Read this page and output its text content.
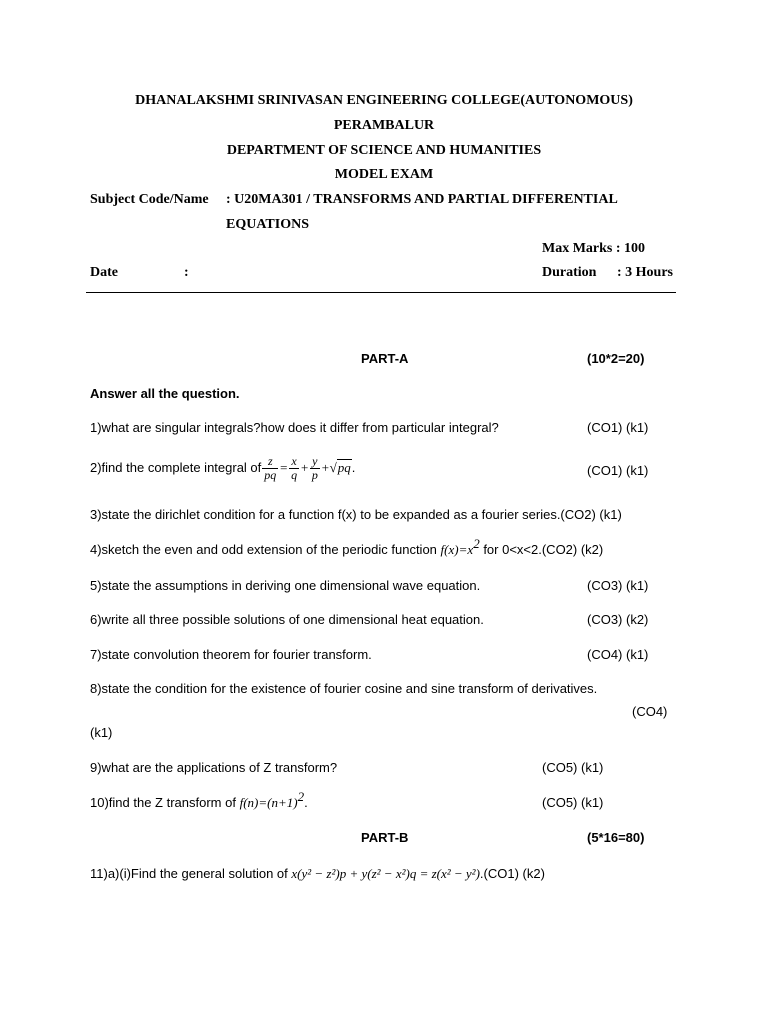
DHANALAKSHMI SRINIVASAN ENGINEERING COLLEGE(AUTONOMOUS)
PERAMBALUR
DEPARTMENT OF SCIENCE AND HUMANITIES
MODEL EXAM
Subject Code/Name : U20MA301 / TRANSFORMS AND PARTIAL DIFFERENTIAL
EQUATIONS
Max Marks : 100
Date	:	Duration : 3 Hours
PART-A	(10*2=20)
Answer all the question.
1)what are singular integrals?how does it differ from particular integral?	(CO1) (k1)
2)find the complete integral of $\frac{z}{pq} = \frac{x}{q} + \frac{y}{p} +√pq$.	(CO1) (k1)
3)state the dirichlet condition for a function f(x) to be expanded as a fourier series.(CO2) (k1)
4)sketch the even and odd extension of the periodic function $f(x)=x^2$ for 0<x<2.(CO2) (k2)
5)state the assumptions in deriving one dimensional wave equation.	(CO3) (k1)
6)write all three possible solutions of one dimensional heat equation.	(CO3) (k2)
7)state convolution theorem for fourier transform.	(CO4) (k1)
8)state the condition for the existence of fourier cosine and sine transform of derivatives.
(CO4)
(k1)
9)what are the applications of Z transform?	(CO5) (k1)
10)find the Z transform of $f(n)=(n+1)^2$.	(CO5) (k1)
PART-B	(5*16=80)
11)a)(i)Find the general solution of x(y² − z²)p + y(z² − x²)q = z(x² − y²).(CO1) (k2)
